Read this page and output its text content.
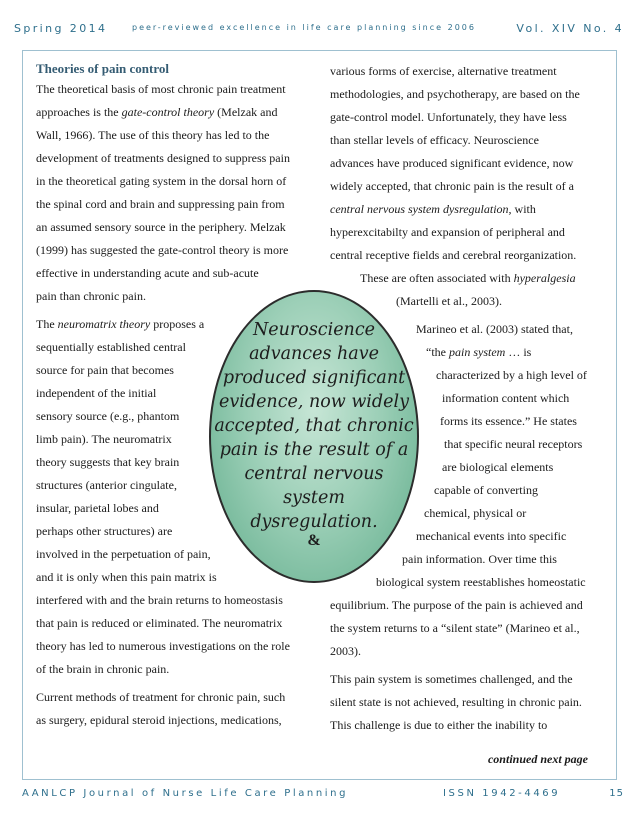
Spring 2014	peer-reviewed excellence in life care planning since 2006	Vol. XIV No. 4
Theories of pain control
The theoretical basis of most chronic pain treatment
approaches is the gate-control theory (Melzak and
Wall, 1966). The use of this theory has led to the
development of treatments designed to suppress pain
in the theoretical gating system in the dorsal horn of
the spinal cord and brain and suppressing pain from
an assumed sensory source in the periphery. Melzak
(1999) has suggested the gate-control theory is more
effective in understanding acute and sub-acute
pain than chronic pain.
The neuromatrix theory proposes a
sequentially established central
source for pain that becomes
independent of the initial
sensory source (e.g., phantom
limb pain). The neuromatrix
theory suggests that key brain
structures (anterior cingulate,
insular, parietal lobes and
perhaps other structures) are
involved in the perpetuation of pain,
and it is only when this pain matrix is
interfered with and the brain returns to homeostasis
that pain is reduced or eliminated. The neuromatrix
theory has led to numerous investigations on the role
of the brain in chronic pain.
Current methods of treatment for chronic pain, such
as surgery, epidural steroid injections, medications,
various forms of exercise, alternative treatment
methodologies, and psychotherapy, are based on the
gate-control model. Unfortunately, they have less
than stellar levels of efficacy. Neuroscience
advances have produced significant evidence, now
widely accepted, that chronic pain is the result of a
central nervous system dysregulation, with
hyperexcitabilty and expansion of peripheral and
central receptive fields and cerebral reorganization.
These are often associated with hyperalgesia
(Martelli et al., 2003).
Marineo et al. (2003) stated that,
“the pain system … is
characterized by a high level of
information content which
forms its essence.” He states
that specific neural receptors
are biological elements
capable of converting
chemical, physical or
mechanical events into specific
pain information. Over time this
biological system reestablishes homeostatic
equilibrium. The purpose of the pain is achieved and
the system returns to a “silent state” (Marineo et al.,
2003).
This pain system is sometimes challenged, and the
silent state is not achieved, resulting in chronic pain.
This challenge is due to either the inability to
Neuroscience
advances have
produced significant
evidence, now widely
accepted, that chronic
pain is the result of a
central nervous system
dysregulation.
&
continued next page
AANLCP Journal of Nurse Life Care Planning	ISSN 1942-4469	15
